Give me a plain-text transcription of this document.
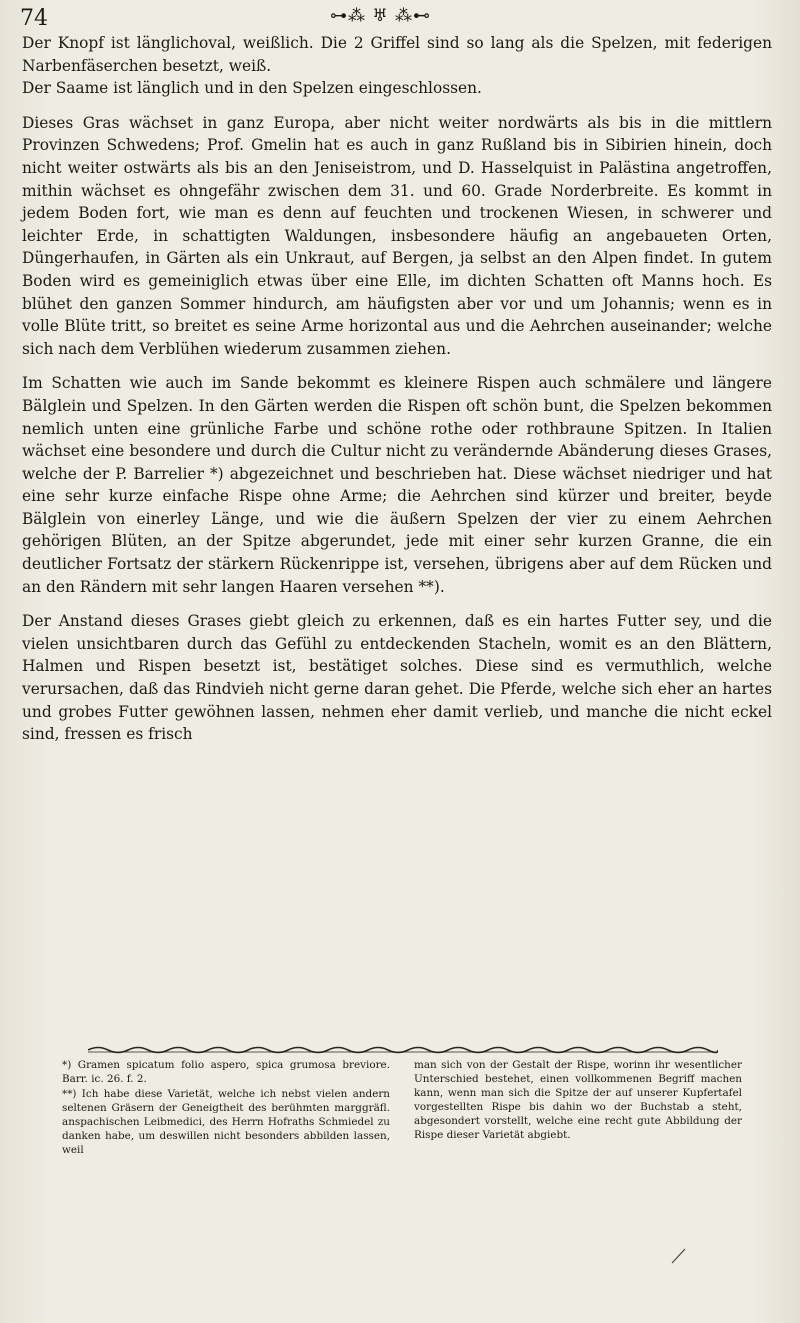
74	⊶⁂ ♅ ⁂⊷

Der Knopf ist länglichoval, weißlich. Die 2 Griffel sind so lang als die Spelzen, mit federigen Narbenfäserchen besetzt, weiß.

Der Saame ist länglich und in den Spelzen eingeschlossen.

Dieses Gras wächset in ganz Europa, aber nicht weiter nordwärts als bis in die mittlern Provinzen Schwedens; Prof. Gmelin hat es auch in ganz Rußland bis in Sibirien hinein, doch nicht weiter ostwärts als bis an den Jeniseistrom, und D. Hasselquist in Palästina angetroffen, mithin wächset es ohngefähr zwischen dem 31. und 60. Grade Norderbreite. Es kommt in jedem Boden fort, wie man es denn auf feuchten und trockenen Wiesen, in schwerer und leichter Erde, in schattigten Waldungen, insbesondere häufig an angebaueten Orten, Düngerhaufen, in Gärten als ein Unkraut, auf Bergen, ja selbst an den Alpen findet. In gutem Boden wird es gemeiniglich etwas über eine Elle, im dichten Schatten oft Manns hoch. Es blühet den ganzen Sommer hindurch, am häufigsten aber vor und um Johannis; wenn es in volle Blüte tritt, so breitet es seine Arme horizontal aus und die Aehrchen auseinander; welche sich nach dem Verblühen wiederum zusammen ziehen.

Im Schatten wie auch im Sande bekommt es kleinere Rispen auch schmälere und längere Bälglein und Spelzen. In den Gärten werden die Rispen oft schön bunt, die Spelzen bekommen nemlich unten eine grünliche Farbe und schöne rothe oder rothbraune Spitzen. In Italien wächset eine besondere und durch die Cultur nicht zu verändernde Abänderung dieses Grases, welche der P. Barrelier *) abgezeichnet und beschrieben hat. Diese wächset niedriger und hat eine sehr kurze einfache Rispe ohne Arme; die Aehrchen sind kürzer und breiter, beyde Bälglein von einerley Länge, und wie die äußern Spelzen der vier zu einem Aehrchen gehörigen Blüten, an der Spitze abgerundet, jede mit einer sehr kurzen Granne, die ein deutlicher Fortsatz der stärkern Rückenrippe ist, versehen, übrigens aber auf dem Rücken und an den Rändern mit sehr langen Haaren versehen **).

Der Anstand dieses Grases giebt gleich zu erkennen, daß es ein hartes Futter sey, und die vielen unsichtbaren durch das Gefühl zu entdeckenden Stacheln, womit es an den Blättern, Halmen und Rispen besetzt ist, bestätiget solches. Diese sind es vermuthlich, welche verursachen, daß das Rindvieh nicht gerne daran gehet. Die Pferde, welche sich eher an hartes und grobes Futter gewöhnen lassen, nehmen eher damit verlieb, und manche die nicht eckel sind, fressen es frisch

*) Gramen spicatum folio aspero, spica grumosa breviore. Barr. ic. 26. f. 2.

**) Ich habe diese Varietät, welche ich nebst vielen andern seltenen Gräsern der Geneigtheit des berühmten marggräfl. anspachischen Leibmedici, des Herrn Hofraths Schmiedel zu danken habe, um deswillen nicht besonders abbilden lassen, weil

man sich von der Gestalt der Rispe, worinn ihr wesentlicher Unterschied bestehet, einen vollkommenen Begriff machen kann, wenn man sich die Spitze der auf unserer Kupfertafel vorgestellten Rispe bis dahin wo der Buchstab a steht, abgesondert vorstellt, welche eine recht gute Abbildung der Rispe dieser Varietät abgiebt.
